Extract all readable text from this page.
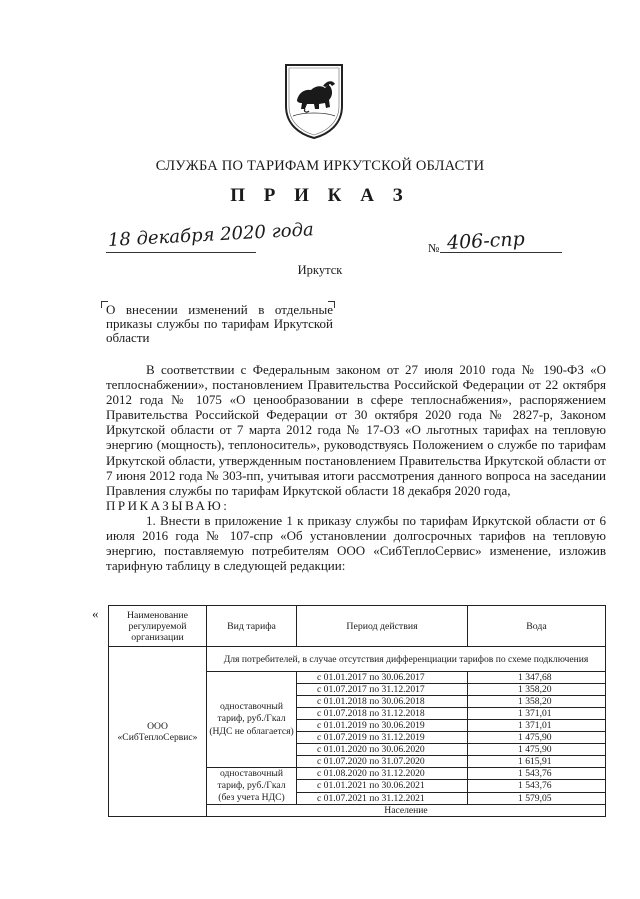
СЛУЖБА ПО ТАРИФАМ ИРКУТСКОЙ ОБЛАСТИ
П Р И К А З
18 декабря 2020 года	№ 406-спр
Иркутск
О внесении изменений в отдельные приказы службы по тарифам Иркутской области

В соответствии с Федеральным законом от 27 июля 2010 года № 190-ФЗ «О теплоснабжении», постановлением Правительства Российской Федерации от 22 октября 2012 года № 1075 «О ценообразовании в сфере теплоснабжения», распоряжением Правительства Российской Федерации от 30 октября 2020 года № 2827-р, Законом Иркутской области от 7 марта 2012 года № 17-ОЗ «О льготных тарифах на тепловую энергию (мощность), теплоноситель», руководствуясь Положением о службе по тарифам Иркутской области, утвержденным постановлением Правительства Иркутской области от 7 июня 2012 года № 303-пп, учитывая итоги рассмотрения данного вопроса на заседании Правления службы по тарифам Иркутской области 18 декабря 2020 года,

ПРИКАЗЫВАЮ:

1. Внести в приложение 1 к приказу службы по тарифам Иркутской области от 6 июля 2016 года № 107-спр «Об установлении долгосрочных тарифов на тепловую энергию, поставляемую потребителям ООО «СибТеплоСервис» изменение, изложив тарифную таблицу в следующей редакции:

«	Наименование регулируемой организации	Вид тарифа	Период действия	Вода
ООО
«СибТеплоСервис»	Для потребителей, в случае отсутствия дифференциации тарифов по схеме подключения		
	одноставочный тариф, руб./Гкал (НДС не облагается)	с 01.01.2017 по 30.06.2017	1 347,68
		с 01.07.2017 по 31.12.2017	1 358,20
		с 01.01.2018 по 30.06.2018	1 358,20
		с 01.07.2018 по 31.12.2018	1 371,01
		с 01.01.2019 по 30.06.2019	1 371,01
		с 01.07.2019 по 31.12.2019	1 475,90
		с 01.01.2020 по 30.06.2020	1 475,90
		с 01.07.2020 по 31.07.2020	1 615,91
	одноставочный тариф, руб./Гкал (без учета НДС)	с 01.08.2020 по 31.12.2020	1 543,76
		с 01.01.2021 по 30.06.2021	1 543,76
		с 01.07.2021 по 31.12.2021	1 579,05
	Население		
